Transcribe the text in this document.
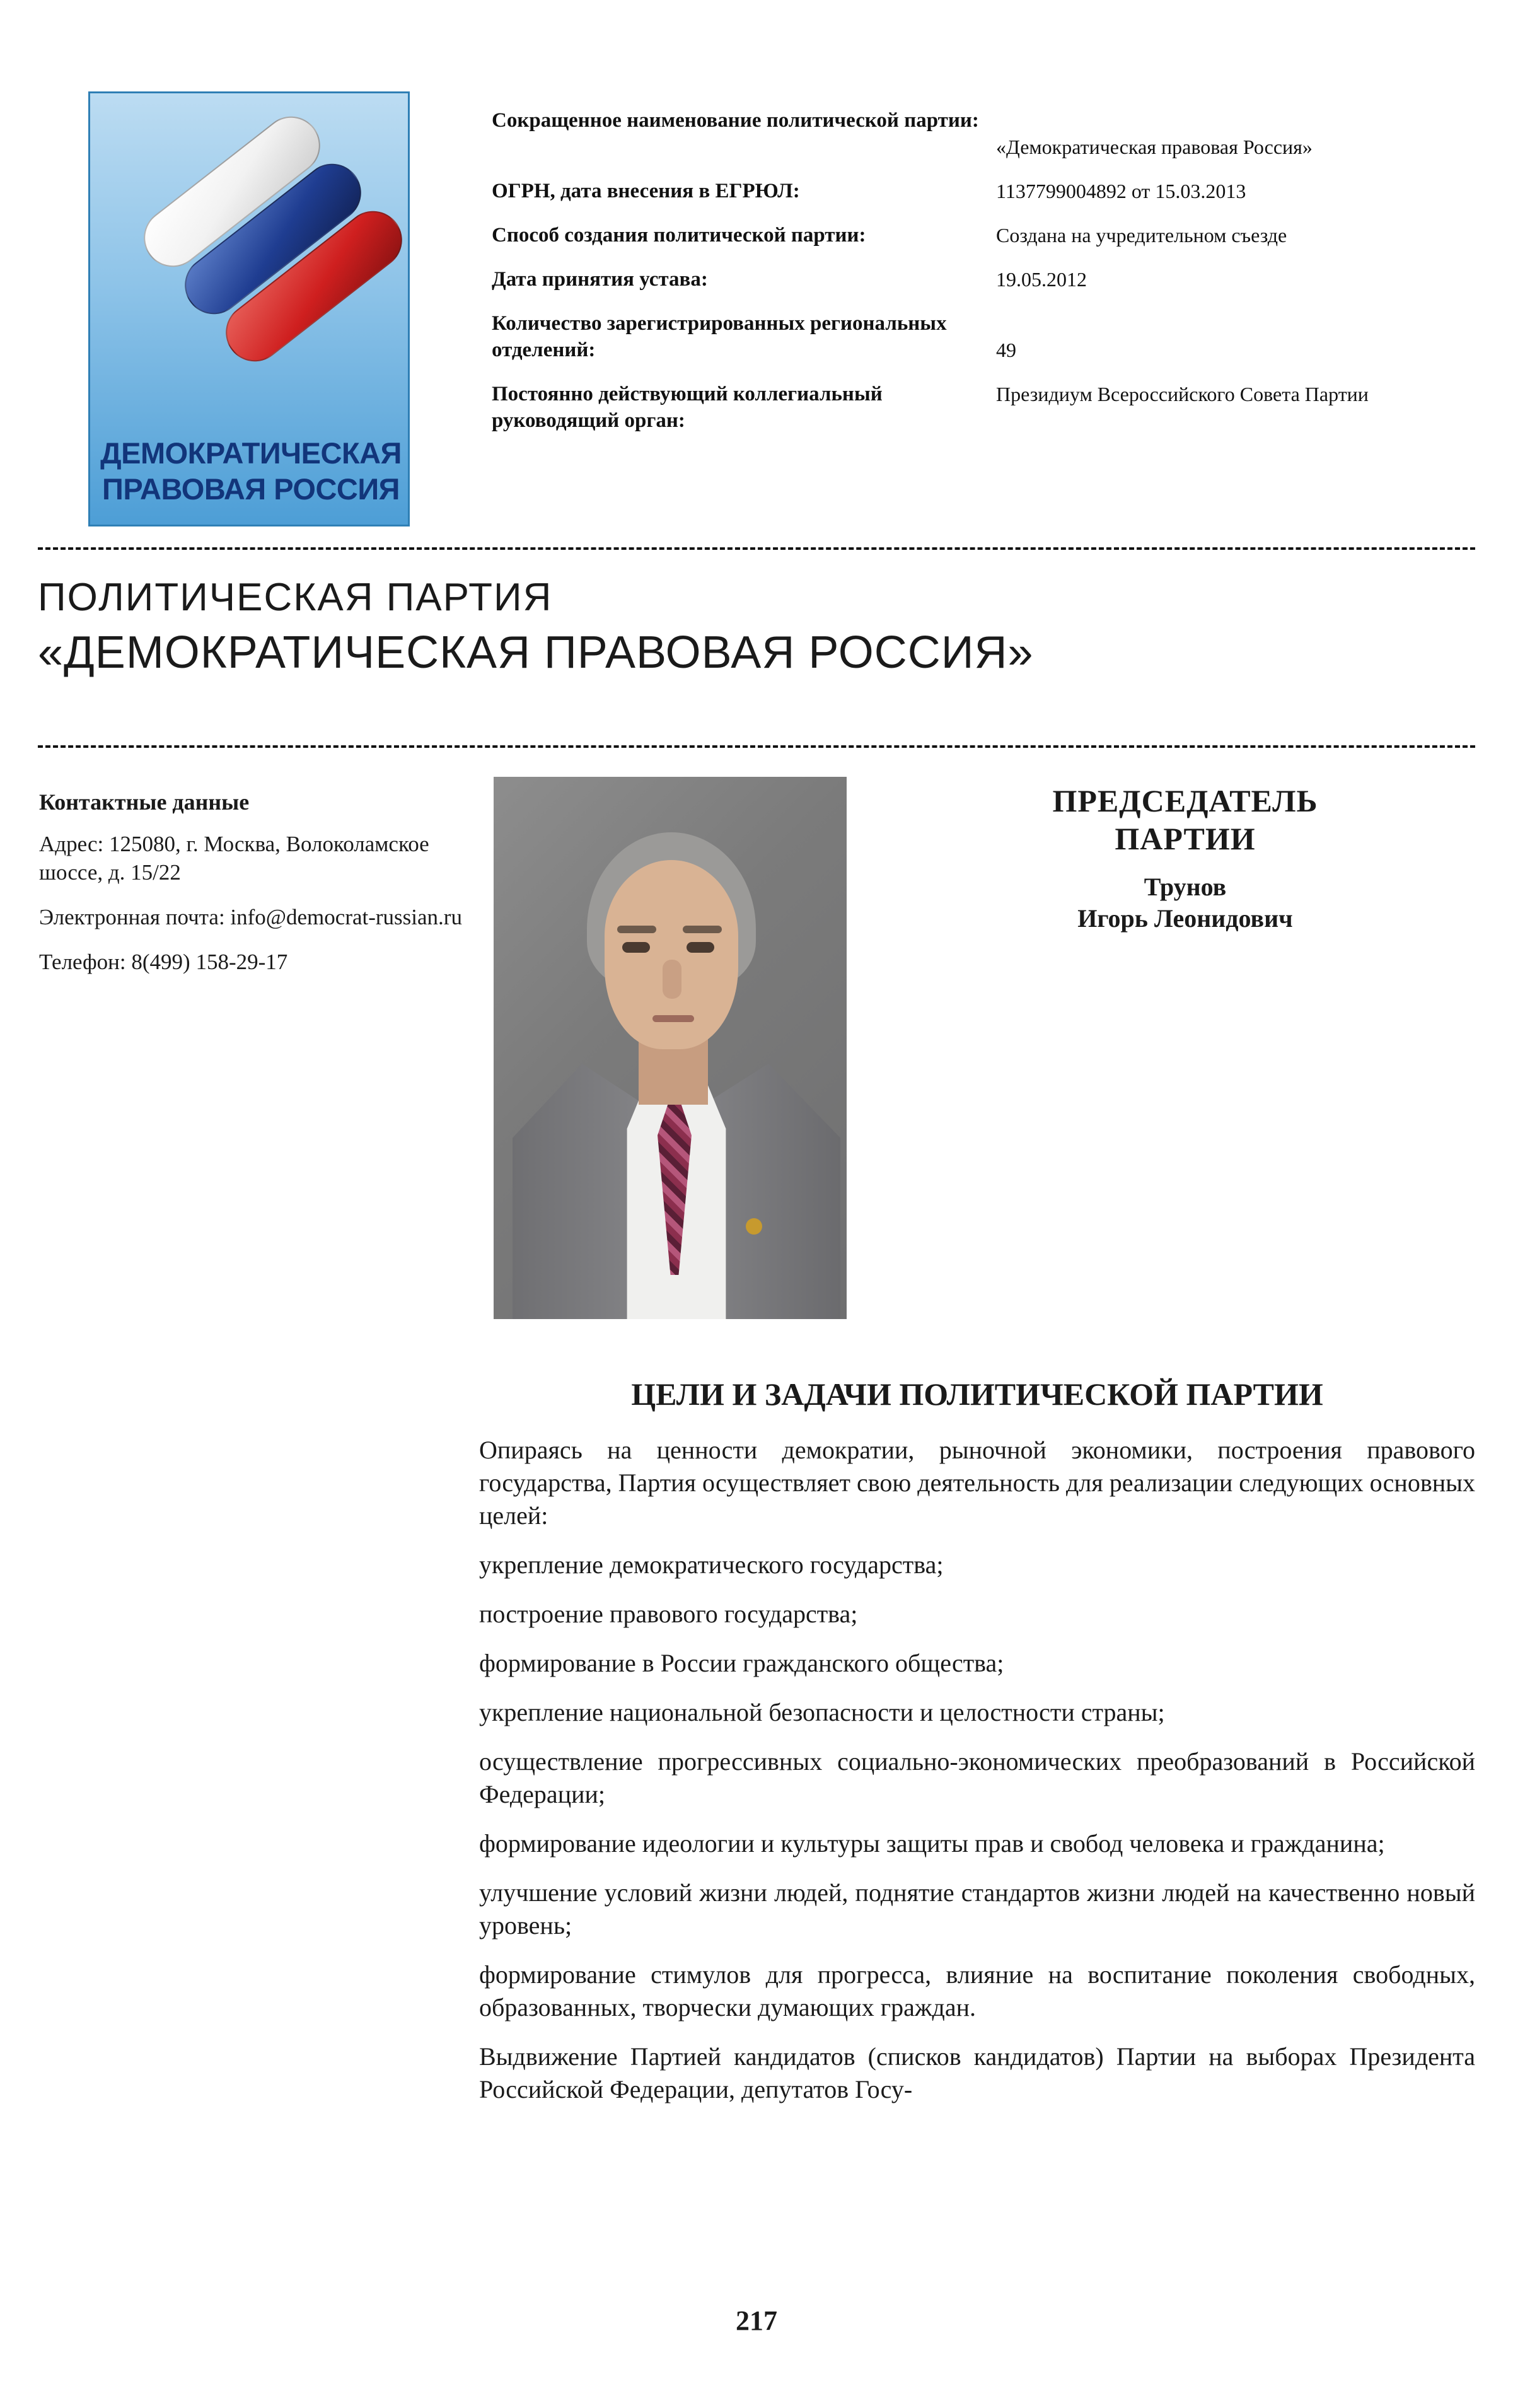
ДЕМОКРАТИЧЕСКАЯ
ПРАВОВАЯ РОССИЯ
Сокращенное наименование политической партии:
«Демократическая правовая Россия»
ОГРН, дата внесения в ЕГРЮЛ:	1137799004892 от 15.03.2013
Способ создания политической партии:	Создана на учредительном съезде
Дата принятия устава:	19.05.2012
Количество зарегистрированных региональных отделений:	49
Постоянно действующий коллегиальный руководящий орган:
Президиум Всероссийского Совета Партии
ПОЛИТИЧЕСКАЯ ПАРТИЯ
«ДЕМОКРАТИЧЕСКАЯ ПРАВОВАЯ РОССИЯ»
Контактные данные

Адрес: 125080, г. Москва, Волоколамское шоссе, д. 15/22

Электронная почта: info@democrat-russian.ru

Телефон: 8(499) 158-29-17

ПРЕДСЕДАТЕЛЬ
ПАРТИИ
Трунов
Игорь Леонидович
ЦЕЛИ И ЗАДАЧИ ПОЛИТИЧЕСКОЙ ПАРТИИ

Опираясь на ценности демократии, рыночной экономики, построения правового государства, Партия осуществляет свою деятельность для реализации следующих основных целей:

укрепление демократического государства;

построение правового государства;

формирование в России гражданского общества;

укрепление национальной безопасности и целостности страны;

осуществление прогрессивных социально-экономических преобразований в Российской Федерации;

формирование идеологии и культуры защиты прав и свобод человека и гражданина;

улучшение условий жизни людей, поднятие стандартов жизни людей на качественно новый уровень;

формирование стимулов для прогресса, влияние на воспитание поколения свободных, образованных, творчески думающих граждан.

Выдвижение Партией кандидатов (списков кандидатов) Партии на выборах Президента Российской Федерации, депутатов Госу-

217
